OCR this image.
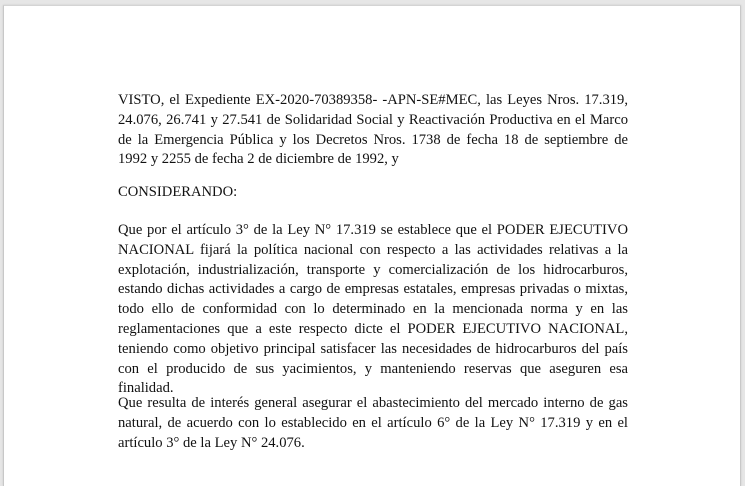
VISTO, el Expediente EX-2020-70389358- -APN-SE#MEC, las Leyes Nros. 17.319, 24.076, 26.741 y 27.541 de Solidaridad Social y Reactivación Productiva en el Marco de la Emergencia Pública y los Decretos Nros. 1738 de fecha 18 de septiembre de 1992 y 2255 de fecha 2 de diciembre de 1992, y

CONSIDERANDO:

Que por el artículo 3° de la Ley N° 17.319 se establece que el PODER EJECUTIVO NACIONAL fijará la política nacional con respecto a las actividades relativas a la explotación, industrialización, transporte y comercialización de los hidrocarburos, estando dichas actividades a cargo de empresas estatales, empresas privadas o mixtas, todo ello de conformidad con lo determinado en la mencionada norma y en las reglamentaciones que a este respecto dicte el PODER EJECUTIVO NACIONAL, teniendo como objetivo principal satisfacer las necesidades de hidrocarburos del país con el producido de sus yacimientos, y manteniendo reservas que aseguren esa finalidad.

Que resulta de interés general asegurar el abastecimiento del mercado interno de gas natural, de acuerdo con lo establecido en el artículo 6° de la Ley N° 17.319 y en el artículo 3° de la Ley N° 24.076.
